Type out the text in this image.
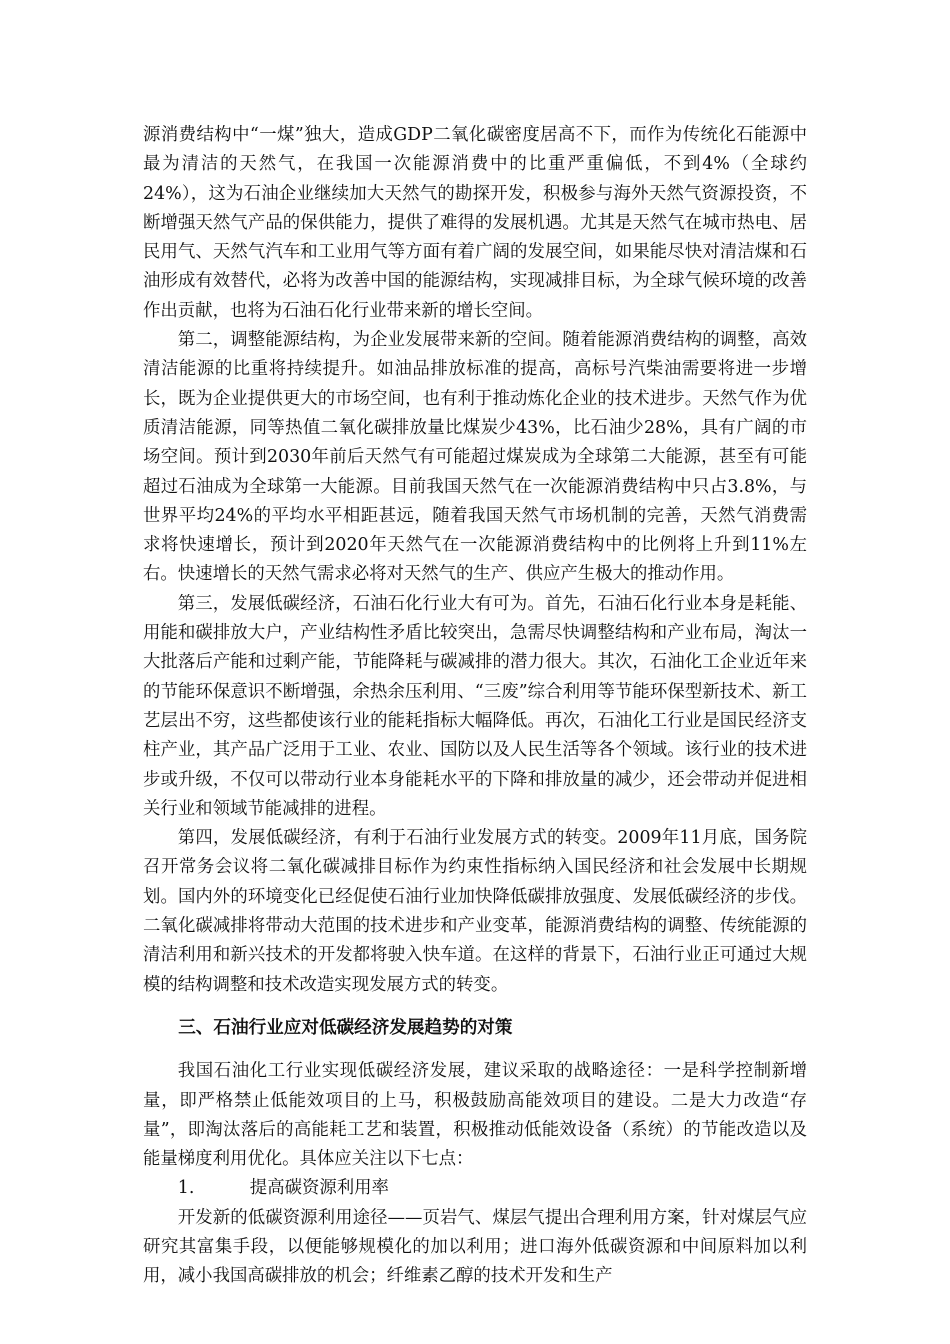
源消费结构中“一煤”独大，造成GDP二氧化碳密度居高不下，而作为传统化石能源中最为清洁的天然气，在我国一次能源消费中的比重严重偏低，不到4%（全球约24%），这为石油企业继续加大天然气的勘探开发，积极参与海外天然气资源投资，不断增强天然气产品的保供能力，提供了难得的发展机遇。尤其是天然气在城市热电、居民用气、天然气汽车和工业用气等方面有着广阔的发展空间，如果能尽快对清洁煤和石油形成有效替代，必将为改善中国的能源结构，实现减排目标，为全球气候环境的改善作出贡献，也将为石油石化行业带来新的增长空间。

第二，调整能源结构，为企业发展带来新的空间。随着能源消费结构的调整，高效清洁能源的比重将持续提升。如油品排放标准的提高，高标号汽柴油需要将进一步增长，既为企业提供更大的市场空间，也有利于推动炼化企业的技术进步。天然气作为优质清洁能源，同等热值二氧化碳排放量比煤炭少43%，比石油少28%，具有广阔的市场空间。预计到2030年前后天然气有可能超过煤炭成为全球第二大能源，甚至有可能超过石油成为全球第一大能源。目前我国天然气在一次能源消费结构中只占3.8%，与世界平均24%的平均水平相距甚远，随着我国天然气市场机制的完善，天然气消费需求将快速增长，预计到2020年天然气在一次能源消费结构中的比例将上升到11%左右。快速增长的天然气需求必将对天然气的生产、供应产生极大的推动作用。

第三，发展低碳经济，石油石化行业大有可为。首先，石油石化行业本身是耗能、用能和碳排放大户，产业结构性矛盾比较突出，急需尽快调整结构和产业布局，淘汰一大批落后产能和过剩产能，节能降耗与碳减排的潜力很大。其次，石油化工企业近年来的节能环保意识不断增强，余热余压利用、“三废”综合利用等节能环保型新技术、新工艺层出不穷，这些都使该行业的能耗指标大幅降低。再次，石油化工行业是国民经济支柱产业，其产品广泛用于工业、农业、国防以及人民生活等各个领域。该行业的技术进步或升级，不仅可以带动行业本身能耗水平的下降和排放量的减少，还会带动并促进相关行业和领域节能减排的进程。

第四，发展低碳经济，有利于石油行业发展方式的转变。2009年11月底，国务院召开常务会议将二氧化碳减排目标作为约束性指标纳入国民经济和社会发展中长期规划。国内外的环境变化已经促使石油行业加快降低碳排放强度、发展低碳经济的步伐。二氧化碳减排将带动大范围的技术进步和产业变革，能源消费结构的调整、传统能源的清洁利用和新兴技术的开发都将驶入快车道。在这样的背景下，石油行业正可通过大规模的结构调整和技术改造实现发展方式的转变。

三、石油行业应对低碳经济发展趋势的对策

我国石油化工行业实现低碳经济发展，建议采取的战略途径：一是科学控制新增量，即严格禁止低能效项目的上马，积极鼓励高能效项目的建设。二是大力改造“存量”，即淘汰落后的高能耗工艺和装置，积极推动低能效设备（系统）的节能改造以及能量梯度利用优化。具体应关注以下七点：

1.	提高碳资源利用率

开发新的低碳资源利用途径——页岩气、煤层气提出合理利用方案，针对煤层气应研究其富集手段，以便能够规模化的加以利用；进口海外低碳资源和中间原料加以利用，减小我国高碳排放的机会；纤维素乙醇的技术开发和生产
